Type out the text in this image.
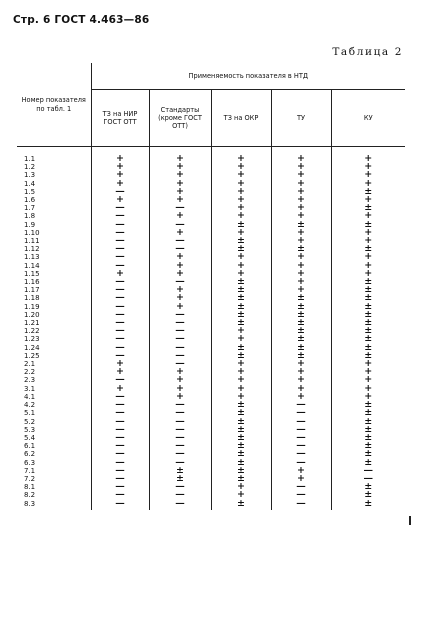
Стр. 6 ГОСТ 4.463—86
Таблица 2
Номер показателя по табл. 1	Применяемость показателя в НТД				
	ТЗ на НИР ГОСТ ОТТ	Стандарты (кроме ГОСТ ОТТ)	ТЗ на ОКР	ТУ	КУ

1.1	+	+	+	+	+
1.2	+	+	+	+	+
1.3	+	+	+	+	+
1.4	+	+	+	+	+
1.5	—	+	+	+	±
1.6	+	+	+	+	+
1.7	—	—	+	+	±
1.8	—	+	+	+	+
1.9	—	—	±	±	±
1.10	—	+	+	+	+
1.11	—	—	±	+	+
1.12	—	—	±	±	±
1.13	—	+	+	+	+
1.14	—	+	+	+	+
1.15	+	+	+	+	+
1.16	—	—	±	+	±
1.17	—	+	±	+	±
1.18	—	+	±	±	±
1.19	—	+	±	±	±
1.20	—	—	±	±	±
1.21	—	—	±	±	±
1.22	—	—	+	±	±
1.23	—	—	+	±	±
1.24	—	—	±	±	±
1.25	—	—	±	±	±
2.1	+	—	+	+	+
2.2	+	+	+	+	+
2.3	—	+	+	+	+
3.1	+	+	+	+	+
4.1	—	+	+	+	+
4.2	—	—	±	—	±
5.1	—	—	±	—	±
5.2	—	—	±	—	±
5.3	—	—	±	—	±
5.4	—	—	±	—	±
6.1	—	—	±	—	±
6.2	—	—	±	—	±
6.3	—	—	±	—	±
7.1	—	±	±	+	—
7.2	—	±	±	+	—
8.1	—	—	+	—	±
8.2	—	—	+	—	±
8.3	—	—	±	—	±
